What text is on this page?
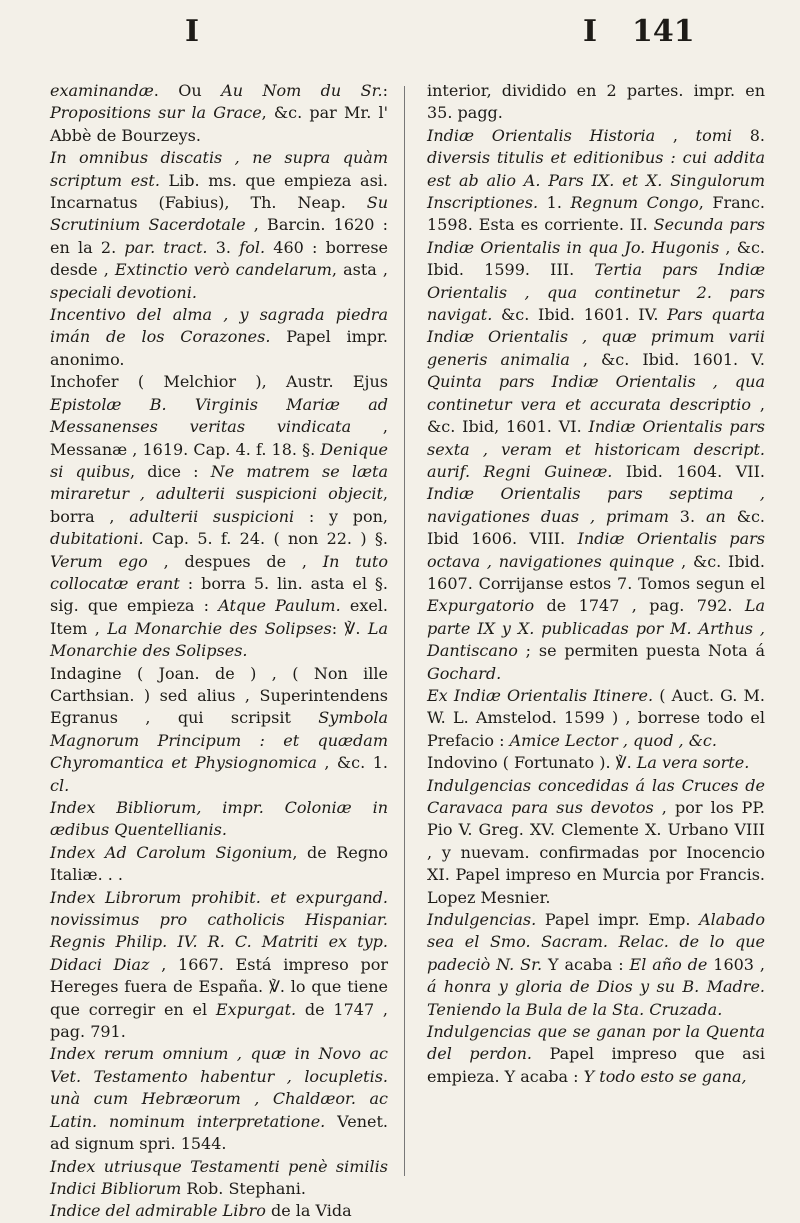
I	I 141

examinandæ. Ou Au Nom du Sr.: Propositions sur la Grace, &c. par Mr. l' Abbè de Bourzeys.

In omnibus discatis , ne supra quàm scriptum est. Lib. ms. que empieza asi. Incarnatus (Fabius), Th. Neap. Su Scrutinium Sacerdotale , Barcin. 1620 : en la 2. par. tract. 3. fol. 460 : borrese desde , Extinctio verò candelarum, asta , speciali devotioni.

Incentivo del alma , y sagrada piedra imán de los Corazones. Papel impr. anonimo.

Inchofer ( Melchior ), Austr. Ejus Epistolæ B. Virginis Mariæ ad Messanenses veritas vindicata , Messanæ , 1619. Cap. 4. f. 18. §. Denique si quibus, dice : Ne matrem se læta miraretur , adulterii suspicioni objecit, borra , adulterii suspicioni : y pon, dubitationi. Cap. 5. f. 24. ( non 22. ) §. Verum ego , despues de , In tuto collocatæ erant : borra 5. lin. asta el §. sig. que empieza : Atque Paulum. exel. Item , La Monarchie des Solipses: ℣. La Monarchie des Solipses.

Indagine ( Joan. de ) , ( Non ille Carthsian. ) sed alius , Superintendens Egranus , qui scripsit Symbola Magnorum Principum : et quædam Chyromantica et Physiognomica , &c. 1. cl.

Index Bibliorum, impr. Coloniæ in ædibus Quentellianis.

Index Ad Carolum Sigonium, de Regno Italiæ. . .

Index Librorum prohibit. et expurgand. novissimus pro catholicis Hispaniar. Regnis Philip. IV. R. C. Matriti ex typ. Didaci Diaz , 1667. Está impreso por Hereges fuera de España. ℣. lo que tiene que corregir en el Expurgat. de 1747 , pag. 791.

Index rerum omnium , quæ in Novo ac Vet. Testamento habentur , locupletis. unà cum Hebræorum , Chaldæor. ac Latin. nominum interpretatione. Venet. ad signum spri. 1544.

Index utriusque Testamenti penè similis Indici Bibliorum Rob. Stephani.

Indice del admirable Libro de la Vida

interior, dividido en 2 partes. impr. en 35. pagg.

Indiæ Orientalis Historia , tomi 8. diversis titulis et editionibus : cui addita est ab alio A. Pars IX. et X. Singulorum Inscriptiones. 1. Regnum Congo, Franc. 1598. Esta es corriente. II. Secunda pars Indiæ Orientalis in qua Jo. Hugonis , &c. Ibid. 1599. III. Tertia pars Indiæ Orientalis , qua continetur 2. pars navigat. &c. Ibid. 1601. IV. Pars quarta Indiæ Orientalis , quæ primum varii generis animalia , &c. Ibid. 1601. V. Quinta pars Indiæ Orientalis , qua continetur vera et accurata descriptio , &c. Ibid, 1601. VI. Indiæ Orientalis pars sexta , veram et historicam descript. aurif. Regni Guineæ. Ibid. 1604. VII. Indiæ Orientalis pars septima , navigationes duas , primam 3. an &c. Ibid 1606. VIII. Indiæ Orientalis pars octava , navigationes quinque , &c. Ibid. 1607. Corrijanse estos 7. Tomos segun el Expurgatorio de 1747 , pag. 792. La parte IX y X. publicadas por M. Arthus , Dantiscano ; se permiten puesta Nota á Gochard.

Ex Indiæ Orientalis Itinere. ( Auct. G. M. W. L. Amstelod. 1599 ) , borrese todo el Prefacio : Amice Lector , quod , &c.

Indovino ( Fortunato ). ℣. La vera sorte.

Indulgencias concedidas á las Cruces de Caravaca para sus devotos , por los PP. Pio V. Greg. XV. Clemente X. Urbano VIII , y nuevam. confirmadas por Inocencio XI. Papel impreso en Murcia por Francis. Lopez Mesnier.

Indulgencias. Papel impr. Emp. Alabado sea el Smo. Sacram. Relac. de lo que padeciò N. Sr. Y acaba : El año de 1603 , á honra y gloria de Dios y su B. Madre. Teniendo la Bula de la Sta. Cruzada.

Indulgencias que se ganan por la Quenta del perdon. Papel impreso que asi empieza. Y acaba : Y todo esto se gana,
